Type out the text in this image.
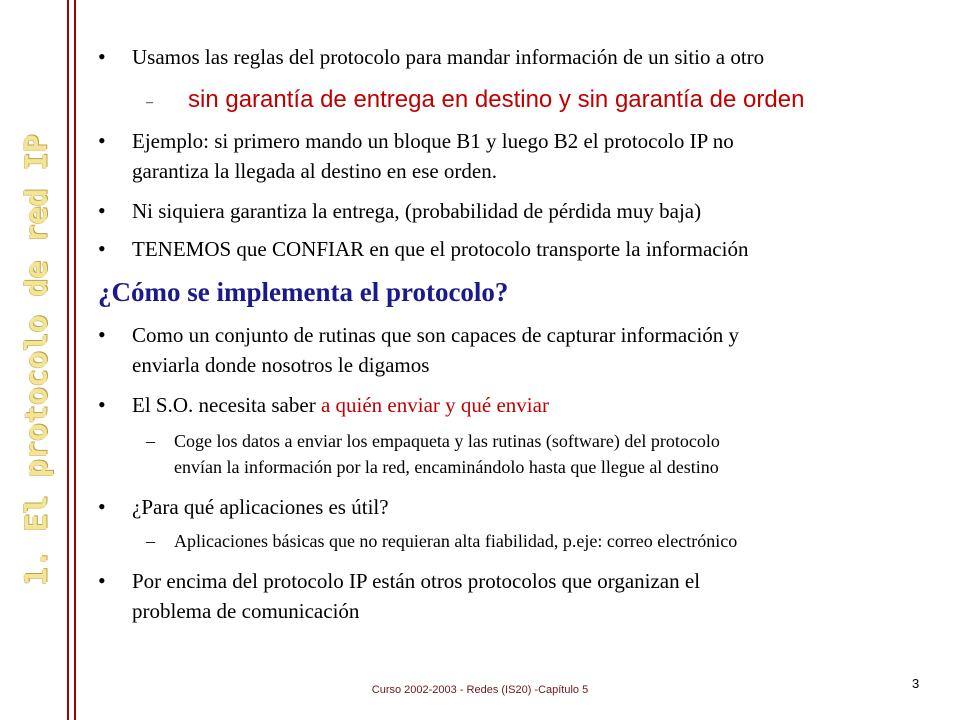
1. El protocolo de red IP
• Usamos las reglas del protocolo para mandar información de un sitio a otro
– sin garantía de entrega en destino y sin garantía de orden
• Ejemplo: si primero mando un bloque B1 y luego B2 el protocolo IP no
garantiza la llegada al destino en ese orden.
• Ni siquiera garantiza la entrega, (probabilidad de pérdida muy baja)
• TENEMOS que CONFIAR en que el protocolo transporte la información
¿Cómo se implementa el protocolo?
• Como un conjunto de rutinas que son capaces de capturar información y
enviarla donde nosotros le digamos
• El S.O. necesita saber a quién enviar y qué enviar
– Coge los datos a enviar los empaqueta y las rutinas (software) del protocolo
envían la información por la red, encaminándolo hasta que llegue al destino
• ¿Para qué aplicaciones es útil?
– Aplicaciones básicas que no requieran alta fiabilidad, p.eje: correo electrónico
• Por encima del protocolo IP están otros protocolos que organizan el
problema de comunicación
Curso 2002-2003 - Redes (IS20) -Capítulo 5	3
